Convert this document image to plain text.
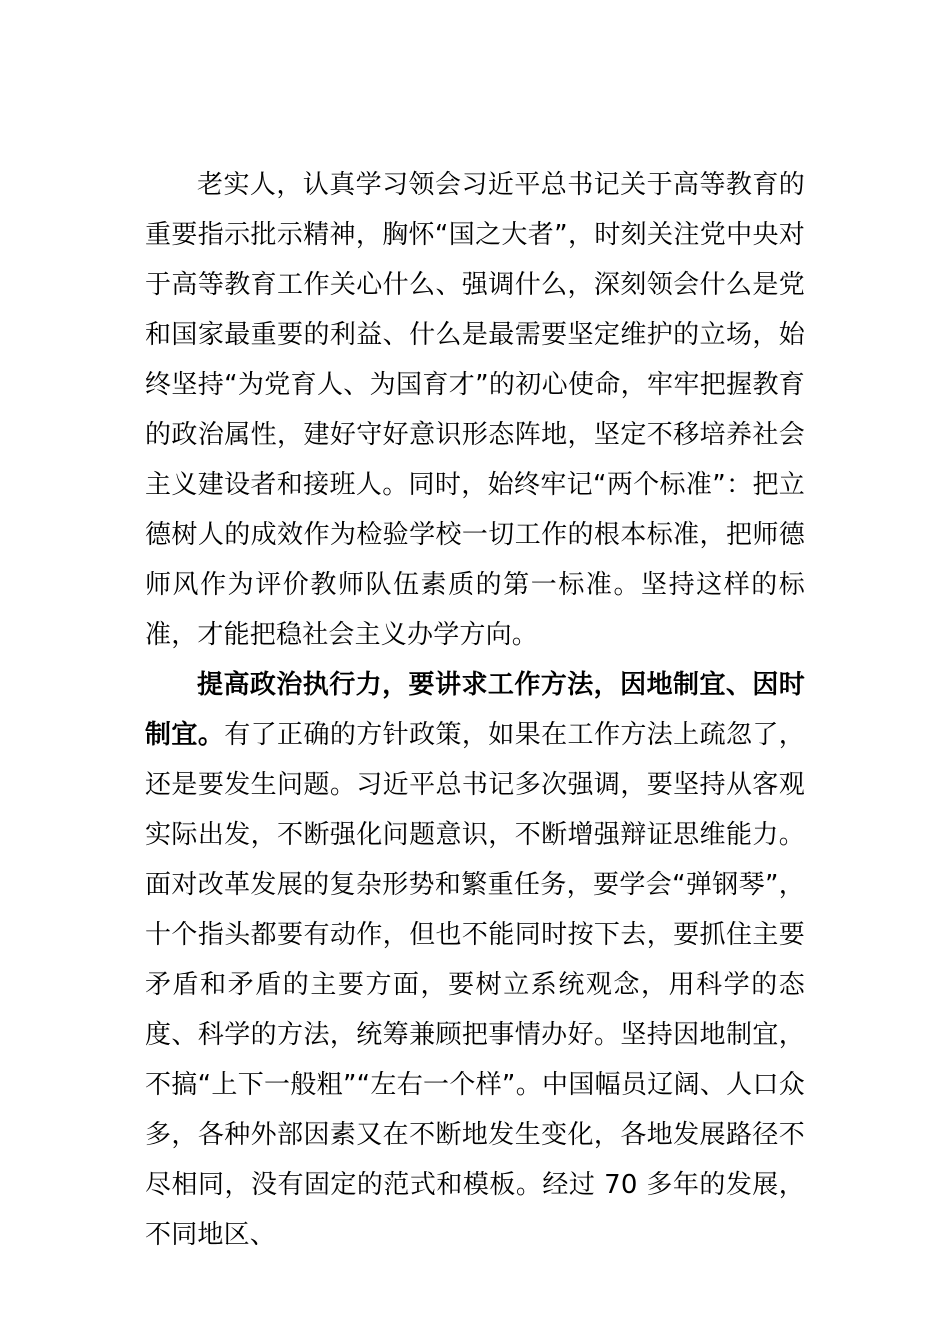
老实人，认真学习领会习近平总书记关于高等教育的重要指示批示精神，胸怀“国之大者”，时刻关注党中央对于高等教育工作关心什么、强调什么，深刻领会什么是党和国家最重要的利益、什么是最需要坚定维护的立场，始终坚持“为党育人、为国育才”的初心使命，牢牢把握教育的政治属性，建好守好意识形态阵地，坚定不移培养社会主义建设者和接班人。同时，始终牢记“两个标准”：把立德树人的成效作为检验学校一切工作的根本标准，把师德师风作为评价教师队伍素质的第一标准。坚持这样的标准，才能把稳社会主义办学方向。

提高政治执行力，要讲求工作方法，因地制宜、因时制宜。有了正确的方针政策，如果在工作方法上疏忽了，还是要发生问题。习近平总书记多次强调，要坚持从客观实际出发，不断强化问题意识，不断增强辩证思维能力。面对改革发展的复杂形势和繁重任务，要学会“弹钢琴”，十个指头都要有动作，但也不能同时按下去，要抓住主要矛盾和矛盾的主要方面，要树立系统观念，用科学的态度、科学的方法，统筹兼顾把事情办好。坚持因地制宜，不搞“上下一般粗”“左右一个样”。中国幅员辽阔、人口众多，各种外部因素又在不断地发生变化，各地发展路径不尽相同，没有固定的范式和模板。经过 70 多年的发展，不同地区、
